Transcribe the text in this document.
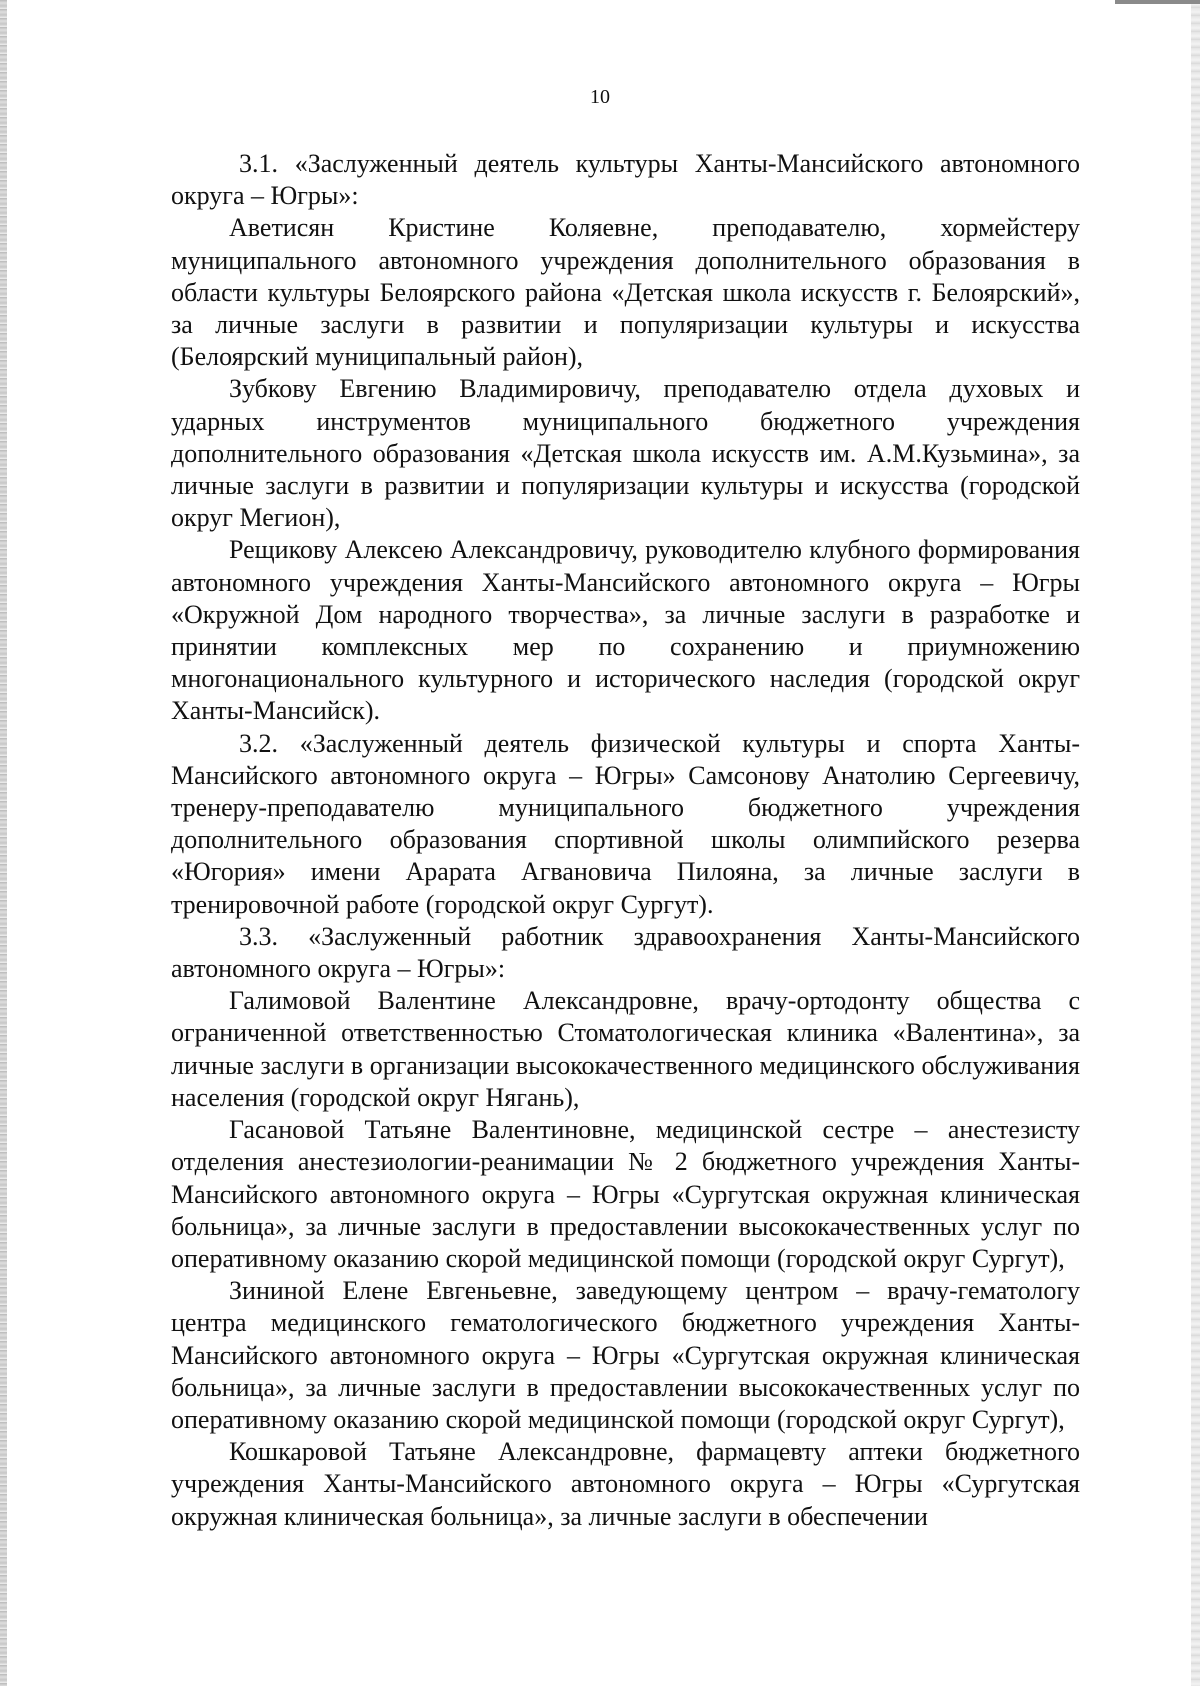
10

3.1. «Заслуженный деятель культуры Ханты-Мансийского автономного округа – Югры»:

Аветисян Кристине Коляевне, преподавателю, хормейстеру муниципального автономного учреждения дополнительного образования в области культуры Белоярского района «Детская школа искусств г. Белоярский», за личные заслуги в развитии и популяризации культуры и искусства (Белоярский муниципальный район),

Зубкову Евгению Владимировичу, преподавателю отдела духовых и ударных инструментов муниципального бюджетного учреждения дополнительного образования «Детская школа искусств им. А.М.Кузьмина», за личные заслуги в развитии и популяризации культуры и искусства (городской округ Мегион),

Рещикову Алексею Александровичу, руководителю клубного формирования автономного учреждения Ханты-Мансийского автономного округа – Югры «Окружной Дом народного творчества», за личные заслуги в разработке и принятии комплексных мер по сохранению и приумножению многонационального культурного и исторического наследия (городской округ Ханты-Мансийск).

3.2. «Заслуженный деятель физической культуры и спорта Ханты-Мансийского автономного округа – Югры» Самсонову Анатолию Сергеевичу, тренеру-преподавателю муниципального бюджетного учреждения дополнительного образования спортивной школы олимпийского резерва «Югория» имени Арарата Агвановича Пилояна, за личные заслуги в тренировочной работе (городской округ Сургут).

3.3. «Заслуженный работник здравоохранения Ханты-Мансийского автономного округа – Югры»:

Галимовой Валентине Александровне, врачу-ортодонту общества с ограниченной ответственностью Стоматологическая клиника «Валентина», за личные заслуги в организации высококачественного медицинского обслуживания населения (городской округ Нягань),

Гасановой Татьяне Валентиновне, медицинской сестре – анестезисту отделения анестезиологии-реанимации № 2 бюджетного учреждения Ханты-Мансийского автономного округа – Югры «Сургутская окружная клиническая больница», за личные заслуги в предоставлении высококачественных услуг по оперативному оказанию скорой медицинской помощи (городской округ Сургут),

Зининой Елене Евгеньевне, заведующему центром – врачу-гематологу центра медицинского гематологического бюджетного учреждения Ханты-Мансийского автономного округа – Югры «Сургутская окружная клиническая больница», за личные заслуги в предоставлении высококачественных услуг по оперативному оказанию скорой медицинской помощи (городской округ Сургут),

Кошкаровой Татьяне Александровне, фармацевту аптеки бюджетного учреждения Ханты-Мансийского автономного округа – Югры «Сургутская окружная клиническая больница», за личные заслуги в обеспечении
